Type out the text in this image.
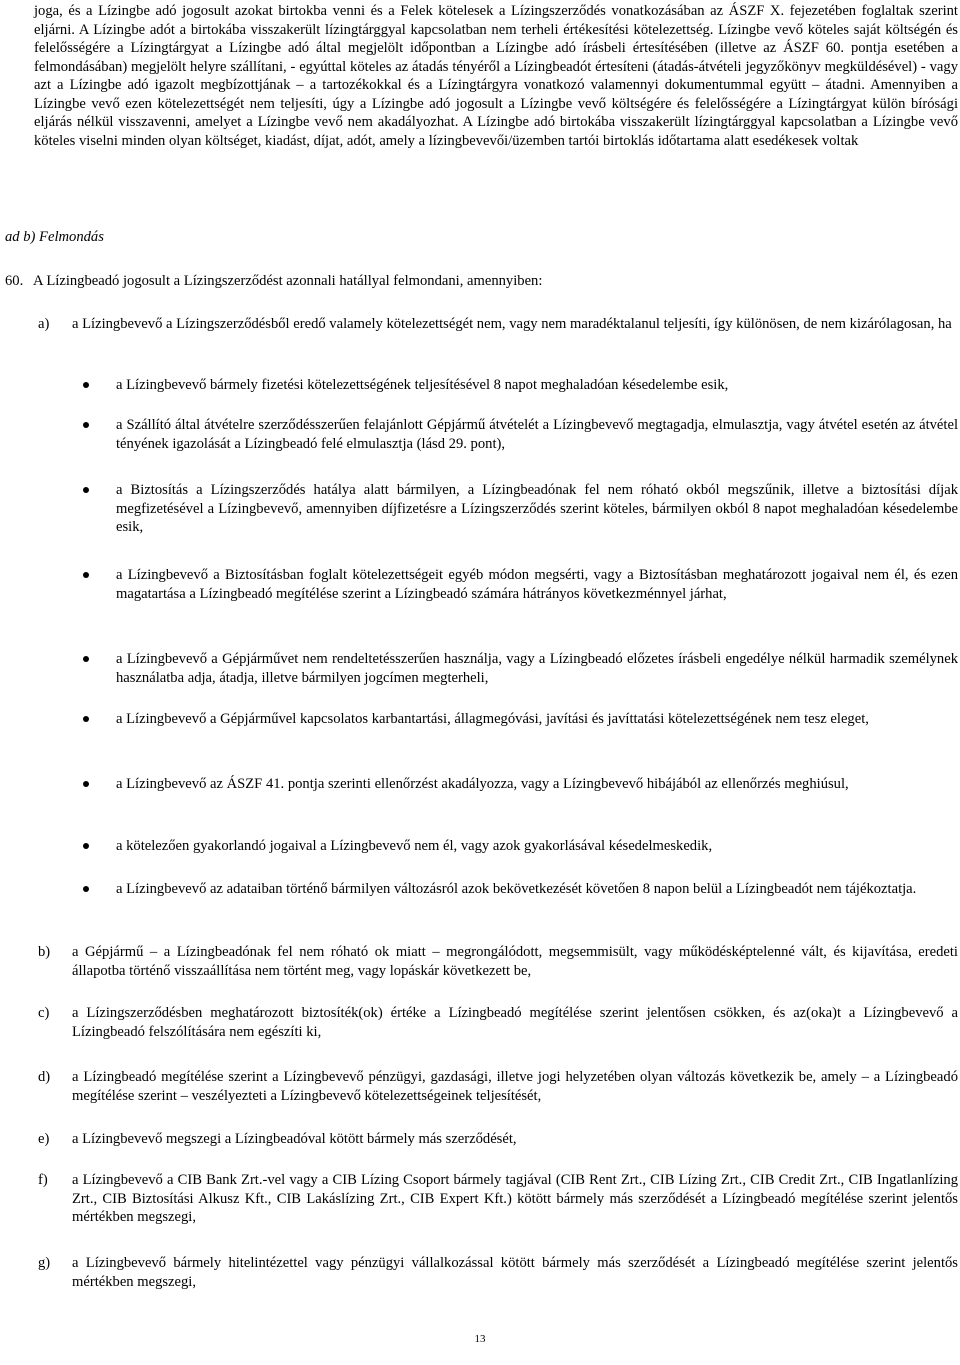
joga, és a Lízingbe adó jogosult azokat birtokba venni és a Felek kötelesek a Lízingszerződés vonatkozásában az ÁSZF X. fejezetében foglaltak szerint eljárni. A Lízingbe adót a birtokába visszakerült lízingtárggyal kapcsolatban nem terheli értékesítési kötelezettség. Lízingbe vevő köteles saját költségén és felelősségére a Lízingtárgyat a Lízingbe adó által megjelölt időpontban a Lízingbe adó írásbeli értesítésében (illetve az ÁSZF 60. pontja esetében a felmondásában) megjelölt helyre szállítani, - egyúttal köteles az átadás tényéről a Lízingbeadót értesíteni (átadás-átvételi jegyzőkönyv megküldésével) - vagy azt a Lízingbe adó igazolt megbízottjának – a tartozékokkal és a Lízingtárgyra vonatkozó valamennyi dokumentummal együtt – átadni. Amennyiben a Lízingbe vevő ezen kötelezettségét nem teljesíti, úgy a Lízingbe adó jogosult a Lízingbe vevő költségére és felelősségére a Lízingtárgyat külön bírósági eljárás nélkül visszavenni, amelyet a Lízingbe vevő nem akadályozhat. A Lízingbe adó birtokába visszakerült lízingtárggyal kapcsolatban a Lízingbe vevő köteles viselni minden olyan költséget, kiadást, díjat, adót, amely a lízingbevevői/üzemben tartói birtoklás időtartama alatt esedékesek voltak

ad b) Felmondás

60. A Lízingbeadó jogosult a Lízingszerződést azonnali hatállyal felmondani, amennyiben:

a)	a Lízingbevevő a Lízingszerződésből eredő valamely kötelezettségét nem, vagy nem maradéktalanul teljesíti, így különösen, de nem kizárólagosan, ha

a Lízingbevevő bármely fizetési kötelezettségének teljesítésével 8 napot meghaladóan késedelembe esik,

a Szállító által átvételre szerződésszerűen felajánlott Gépjármű átvételét a Lízingbevevő megtagadja, elmulasztja, vagy átvétel esetén az átvétel tényének igazolását a Lízingbeadó felé elmulasztja (lásd 29. pont),

a Biztosítás a Lízingszerződés hatálya alatt bármilyen, a Lízingbeadónak fel nem róható okból megszűnik, illetve a biztosítási díjak megfizetésével a Lízingbevevő, amennyiben díjfizetésre a Lízingszerződés szerint köteles, bármilyen okból 8 napot meghaladóan késedelembe esik,

a Lízingbevevő a Biztosításban foglalt kötelezettségeit egyéb módon megsérti, vagy a Biztosításban meghatározott jogaival nem él, és ezen magatartása a Lízingbeadó megítélése szerint a Lízingbeadó számára hátrányos következménnyel járhat,

a Lízingbevevő a Gépjárművet nem rendeltetésszerűen használja, vagy a Lízingbeadó előzetes írásbeli engedélye nélkül harmadik személynek használatba adja, átadja, illetve bármilyen jogcímen megterheli,

a Lízingbevevő a Gépjárművel kapcsolatos karbantartási, állagmegóvási, javítási és javíttatási kötelezettségének nem tesz eleget,

a Lízingbevevő az ÁSZF 41. pontja szerinti ellenőrzést akadályozza, vagy a Lízingbevevő hibájából az ellenőrzés meghiúsul,

a kötelezően gyakorlandó jogaival a Lízingbevevő nem él, vagy azok gyakorlásával késedelmeskedik,

a Lízingbevevő az adataiban történő bármilyen változásról azok bekövetkezését követően 8 napon belül a Lízingbeadót nem tájékoztatja.

b)	a Gépjármű – a Lízingbeadónak fel nem róható ok miatt – megrongálódott, megsemmisült, vagy működésképtelenné vált, és kijavítása, eredeti állapotba történő visszaállítása nem történt meg, vagy lopáskár következett be,

c)	a Lízingszerződésben meghatározott biztosíték(ok) értéke a Lízingbeadó megítélése szerint jelentősen csökken, és az(oka)t a Lízingbevevő a Lízingbeadó felszólítására nem egészíti ki,

d)	a Lízingbeadó megítélése szerint a Lízingbevevő pénzügyi, gazdasági, illetve jogi helyzetében olyan változás következik be, amely – a Lízingbeadó megítélése szerint – veszélyezteti a Lízingbevevő kötelezettségeinek teljesítését,

e)	a Lízingbevevő megszegi a Lízingbeadóval kötött bármely más szerződését,

f)	a Lízingbevevő a CIB Bank Zrt.-vel vagy a CIB Lízing Csoport bármely tagjával (CIB Rent Zrt., CIB Lízing Zrt., CIB Credit Zrt., CIB Ingatlanlízing Zrt., CIB Biztosítási Alkusz Kft., CIB Lakáslízing Zrt., CIB Expert Kft.) kötött bármely más szerződését a Lízingbeadó megítélése szerint jelentős mértékben megszegi,

g)	a Lízingbevevő bármely hitelintézettel vagy pénzügyi vállalkozással kötött bármely más szerződését a Lízingbeadó megítélése szerint jelentős mértékben megszegi,

13
